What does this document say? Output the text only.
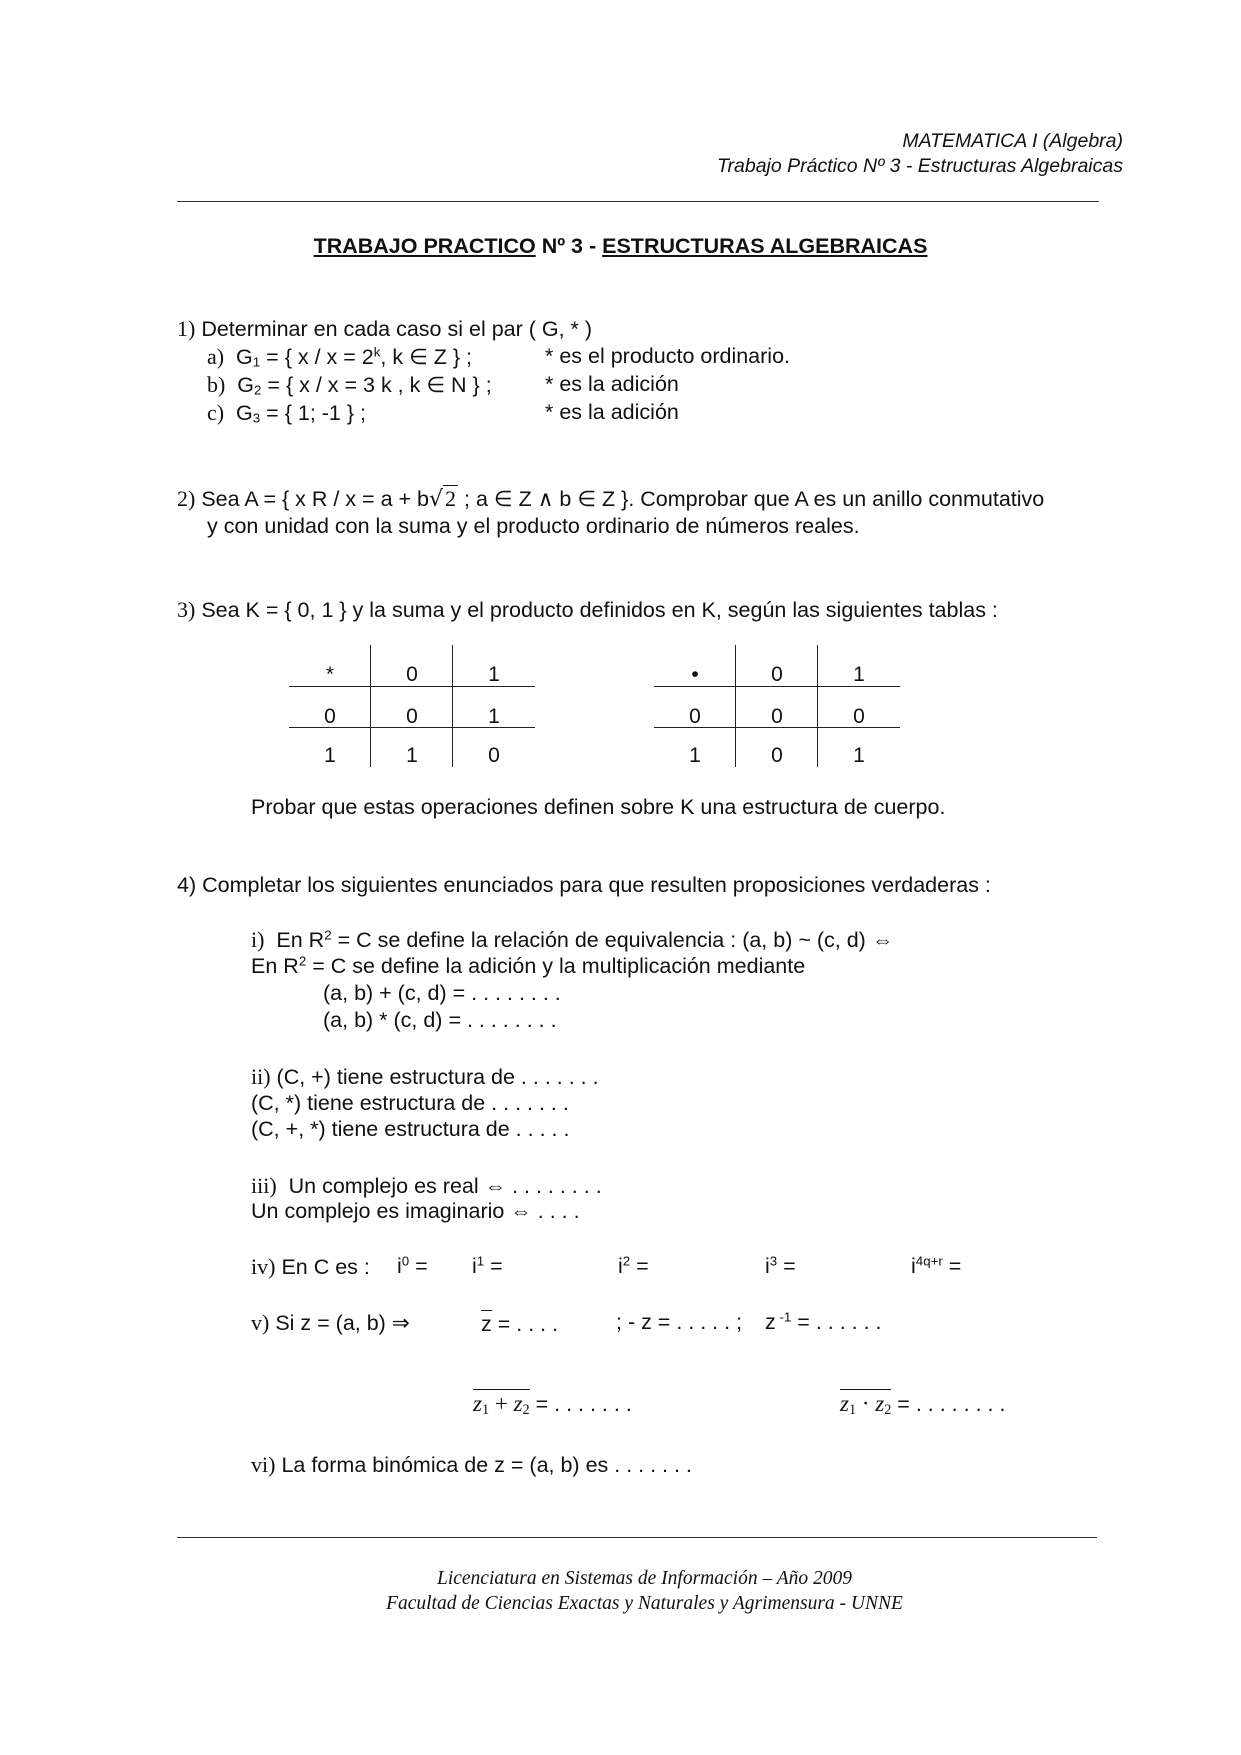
MATEMATICA I (Algebra)
Trabajo Práctico Nº 3 - Estructuras Algebraicas
TRABAJO PRACTICO Nº 3 - ESTRUCTURAS ALGEBRAICAS
1) Determinar en cada caso si el par ( G, * )
a) $G_1$ = { $x / x = 2^k$, k ∈ Z } ;	* es el producto ordinario.
b) $G_2$ = { x / x = 3 k , k ∈ N } ; * es la adición
c) $G_3$ = { 1; -1 } ;	* es la adición
2) Sea A = { x R / x = a + b√2 ; a ∈ Z ∧ b ∈ Z }. Comprobar que A es un anillo conmutativo
y con unidad con la suma y el producto ordinario de números reales.
3) Sea K = { 0, 1 } y la suma y el producto definidos en K, según las siguientes tablas :
*	0	1
0	0	1
1	1	0
•	0	1
0	0	0
1	0	1
Probar que estas operaciones definen sobre K una estructura de cuerpo.
4) Completar los siguientes enunciados para que resulten proposiciones verdaderas :
i) En $R^2 = C$ se define la relación de equivalencia : (a, b) ~ (c, d) ⇔
En $R^2 = C$ se define la adición y la multiplicación mediante
(a, b) + (c, d) = . . . . . . . .
(a, b) * (c, d) = . . . . . . . .
ii) (C, +) tiene estructura de . . . . . . .
(C, *) tiene estructura de . . . . . . .
(C, +, *) tiene estructura de . . . . .
iii) Un complejo es real ⇔ . . . . . . . .
Un complejo es imaginario ⇔ . . . .
iv) En C es : $i^0 = i^1$ =	$i^2$ =	$i^3$ =	$i^{4q+r}$ =
v) Si z = (a, b) ⇒	z = . . . .	; - z = . . . . . ; z $^{-1}$ = . . . . . .
$z_1 + z_2$ = . . . . . . .	$z_1 \cdot z_2$ = . . . . . . . .
vi) La forma binómica de z = (a, b) es . . . . . . .
Licenciatura en Sistemas de Información – Año 2009
Facultad de Ciencias Exactas y Naturales y Agrimensura - UNNE
